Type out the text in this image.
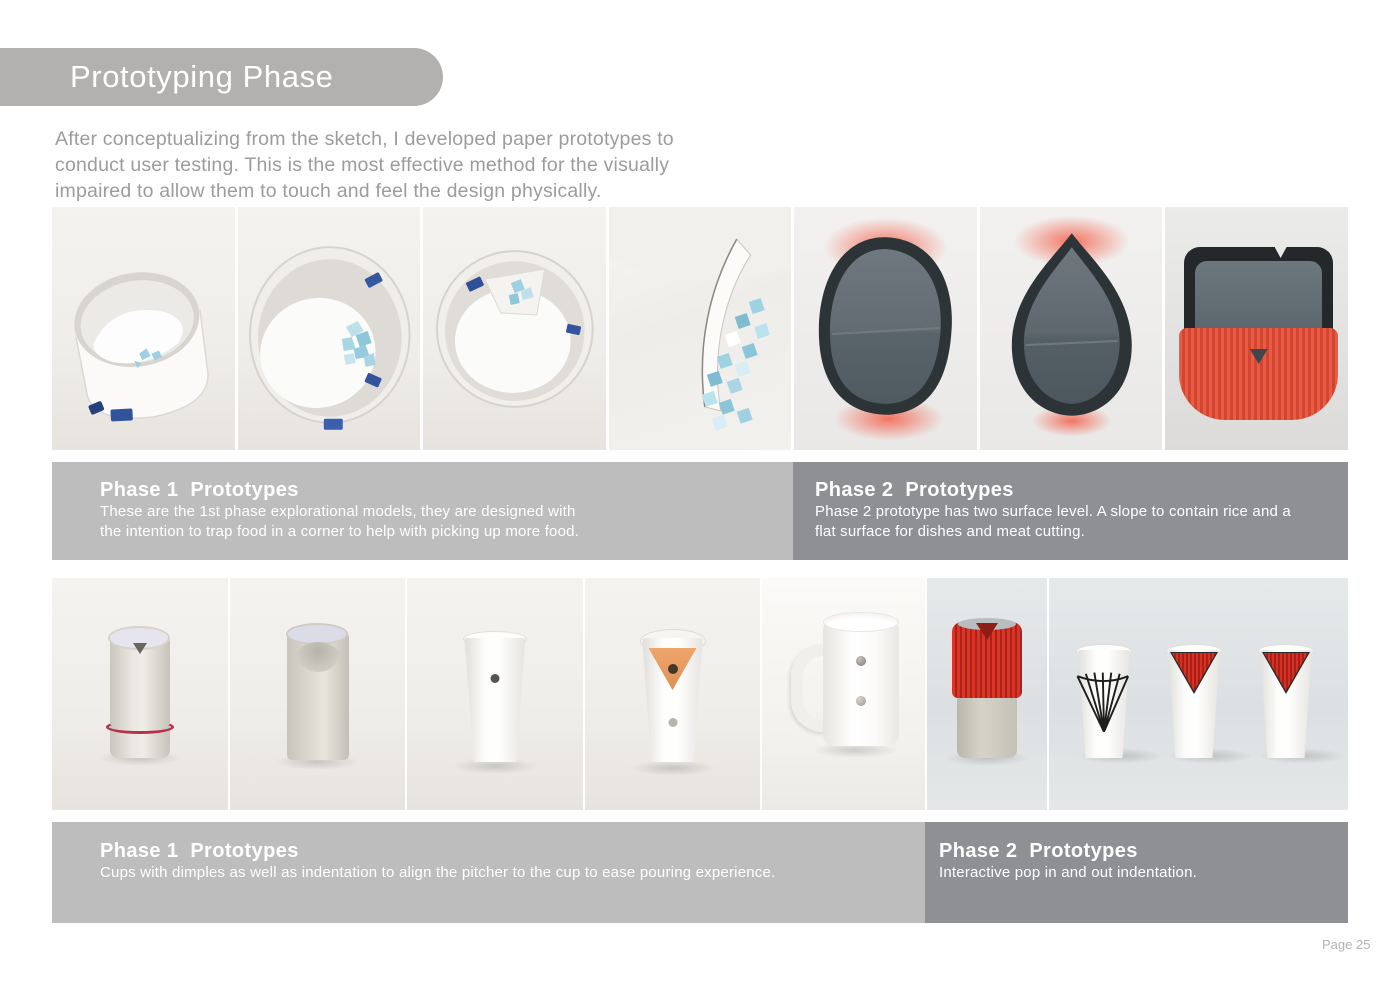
Prototyping Phase
After conceptualizing from the sketch, I developed paper prototypes to
conduct user testing. This is the most effective method for the visually
impaired to allow them to touch and feel the design physically.
Phase 1  Prototypes
These are the 1st phase explorational models, they are designed with
the intention to trap food in a corner to help with picking up more food.
Phase 2  Prototypes
Phase 2 prototype has two surface level. A slope to contain rice and a
flat surface for dishes and meat cutting.
Phase 1  Prototypes
Cups with dimples as well as indentation to align the pitcher to the cup to ease pouring experience.
Phase 2  Prototypes
Interactive pop in and out indentation.
Page 25
